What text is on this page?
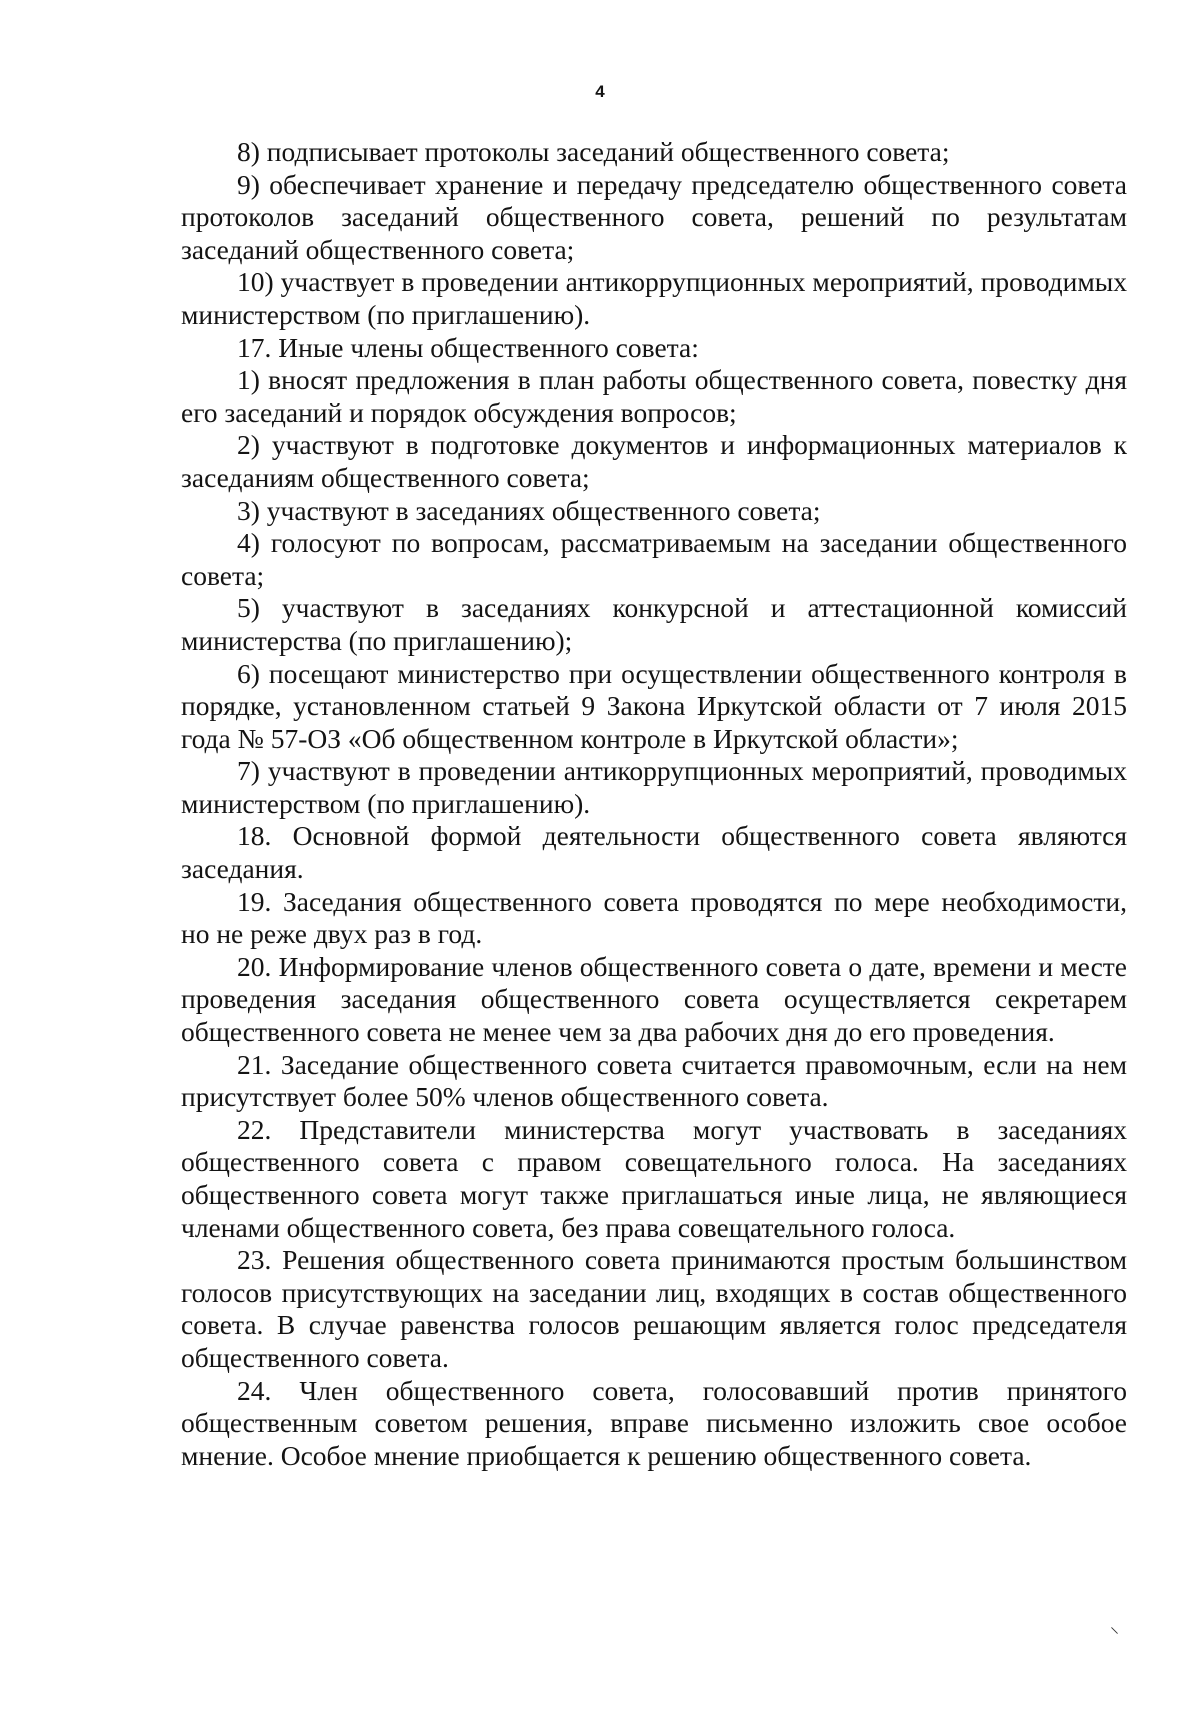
4

8) подписывает протоколы заседаний общественного совета;

9) обеспечивает хранение и передачу председателю общественного совета протоколов заседаний общественного совета, решений по результатам заседаний общественного совета;

10) участвует в проведении антикоррупционных мероприятий, проводимых министерством (по приглашению).

17. Иные члены общественного совета:

1) вносят предложения в план работы общественного совета, повестку дня его заседаний и порядок обсуждения вопросов;

2) участвуют в подготовке документов и информационных материалов к заседаниям общественного совета;

3) участвуют в заседаниях общественного совета;

4) голосуют по вопросам, рассматриваемым на заседании общественного совета;

5) участвуют в заседаниях конкурсной и аттестационной комиссий министерства (по приглашению);

6) посещают министерство при осуществлении общественного контроля в порядке, установленном статьей 9 Закона Иркутской области от 7 июля 2015 года № 57-ОЗ «Об общественном контроле в Иркутской области»;

7) участвуют в проведении антикоррупционных мероприятий, проводимых министерством (по приглашению).

18. Основной формой деятельности общественного совета являются заседания.

19. Заседания общественного совета проводятся по мере необходимости, но не реже двух раз в год.

20. Информирование членов общественного совета о дате, времени и месте проведения заседания общественного совета осуществляется секретарем общественного совета не менее чем за два рабочих дня до его проведения.

21. Заседание общественного совета считается правомочным, если на нем присутствует более 50% членов общественного совета.

22. Представители министерства могут участвовать в заседаниях общественного совета с правом совещательного голоса. На заседаниях общественного совета могут также приглашаться иные лица, не являющиеся членами общественного совета, без права совещательного голоса.

23. Решения общественного совета принимаются простым большинством голосов присутствующих на заседании лиц, входящих в состав общественного совета. В случае равенства голосов решающим является голос председателя общественного совета.

24. Член общественного совета, голосовавший против принятого общественным советом решения, вправе письменно изложить свое особое мнение. Особое мнение приобщается к решению общественного совета.

⸌
